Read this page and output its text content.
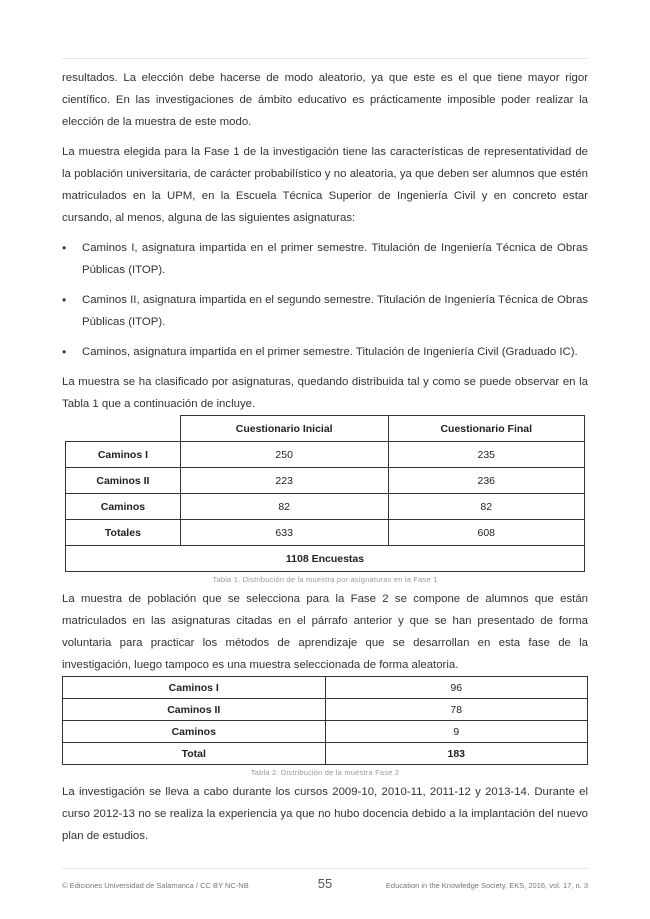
resultados. La elección debe hacerse de modo aleatorio, ya que este es el que tiene mayor rigor científico. En las investigaciones de ámbito educativo es prácticamente imposible poder realizar la elección de la muestra de este modo.

La muestra elegida para la Fase 1 de la investigación tiene las características de representatividad de la población universitaria, de carácter probabilístico y no aleatoria, ya que deben ser alumnos que estén matriculados en la UPM, en la Escuela Técnica Superior de Ingeniería Civil y en concreto estar cursando, al menos, alguna de las siguientes asignaturas:

• Caminos I, asignatura impartida en el primer semestre. Titulación de Ingeniería Técnica de Obras Públicas (ITOP).
• Caminos II, asignatura impartida en el segundo semestre. Titulación de Ingeniería Técnica de Obras Públicas (ITOP).
• Caminos, asignatura impartida en el primer semestre. Titulación de Ingeniería Civil (Graduado IC).

La muestra se ha clasificado por asignaturas, quedando distribuida tal y como se puede observar en la Tabla 1 que a continuación de incluye.

	Cuestionario Inicial	Cuestionario Final
Caminos I	250	235
Caminos II	223	236
Caminos	82	82
Totales	633	608
1108 Encuestas		
Tabla 1. Distribución de la muestra por asignaturas en la Fase 1

La muestra de población que se selecciona para la Fase 2 se compone de alumnos que están matriculados en las asignaturas citadas en el párrafo anterior y que se han presentado de forma voluntaria para practicar los métodos de aprendizaje que se desarrollan en esta fase de la investigación, luego tampoco es una muestra seleccionada de forma aleatoria.

Caminos I	96
Caminos II	78
Caminos	9
Total	183
Tabla 2. Distribución de la muestra Fase 2

La investigación se lleva a cabo durante los cursos 2009-10, 2010-11, 2011-12 y 2013-14. Durante el curso 2012-13 no se realiza la experiencia ya que no hubo docencia debido a la implantación del nuevo plan de estudios.

© Ediciones Universidad de Salamanca / CC BY NC-NB	55	Education in the Knowledge Society, EKS, 2016, vol. 17, n. 3
